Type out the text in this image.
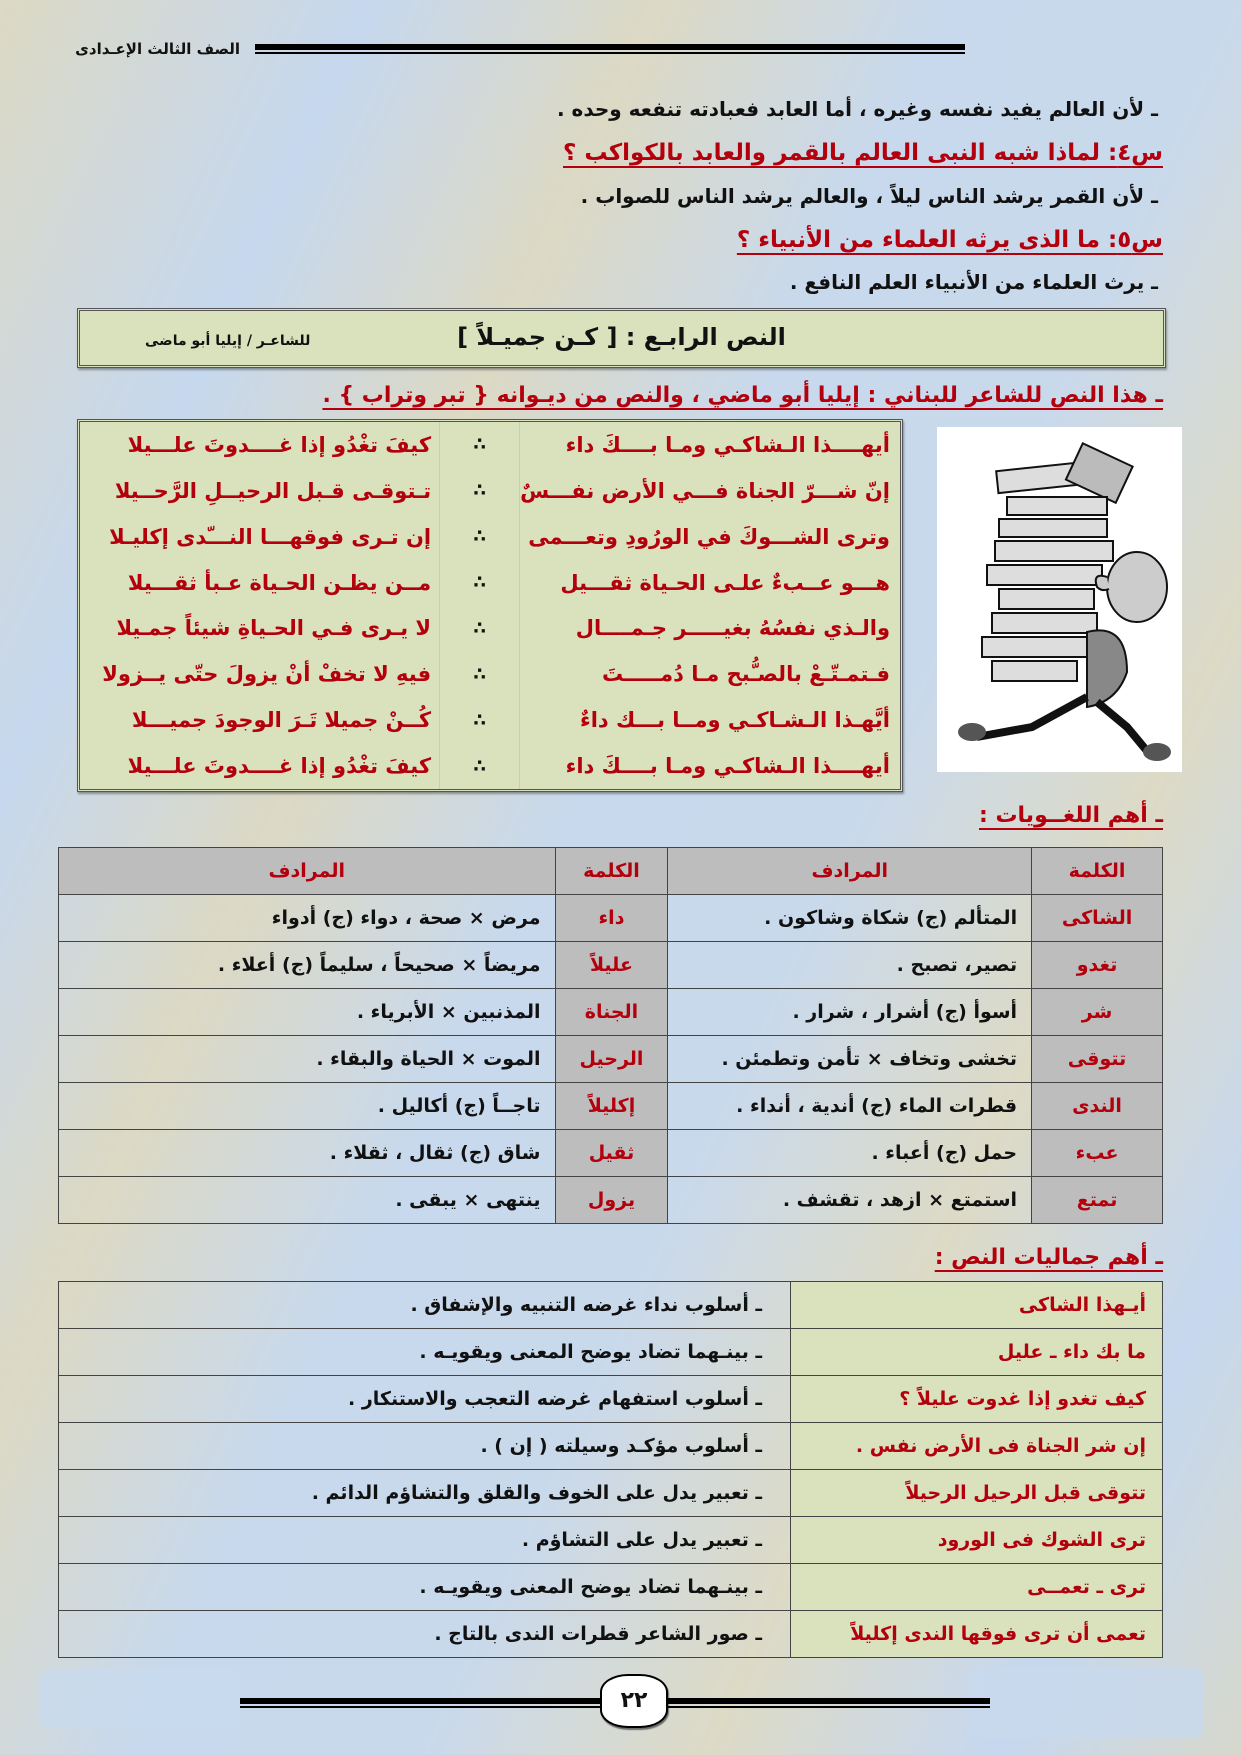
الصف الثالث الإعـدادى
ـ لأن العالم يفيد نفسه وغيره ، أما العابد فعبادته تنفعه وحده .
س٤: لماذا شبه النبى العالم بالقمر والعابد بالكواكب ؟
ـ لأن القمر يرشد الناس ليلاً ، والعالم يرشد الناس للصواب .
س٥: ما الذى يرثه العلماء من الأنبياء ؟
ـ يرث العلماء من الأنبياء العلم النافع .
النص الرابـع : [ كـن جميـلاً ]
للشاعـر / إيليا أبو ماضى
ـ هذا النص للشاعر للبناني : إيليا أبو ماضي ، والنص من ديـوانه { تبر وتراب } .
أيهــــذا الـشاكـي ومـا بــــكَ داء	∴	كيفَ تغْدُو إذا غــــدوتَ علـــيلا
إنّ شـــرّ الجناة فـــي الأرض نفـــسٌ	∴	تـتوقـى قـبل الرحيــلِ الرَّحــيلا
وترى الشـــوكَ في الورُودِ وتعـــمى	∴	إن تـرى فوقهـــا النـــّدى إكليـلا
هـــو عــبءٌ علـى الحـياة ثقـــيل	∴	مــن يظـن الحـياة عـبأ ثقـــيلا
والـذي نفسُهُ بغيـــــر جـمــــال	∴	لا يـرى فـي الحـياةِ شيئاً جمـيلا
فـتمـتّـعْ بالصـُّبح مـا دُمـــــتَ	∴	فيهِ لا تخفْ أنْ يزولَ حتّى يــزولا
أيَّهـذا الـشـاكـي ومــا بـــك داءٌ	∴	كُــنْ جميلا تَـرَ الوجودَ جميـــلا
أيهــــذا الـشاكـي ومـا بــــكَ داء	∴	كيفَ تغْدُو إذا غــــدوتَ علـــيلا
ـ أهم اللغــويات :
الكلمة	المرادف	الكلمة	المرادف
الشاكى	المتألم (ج) شكاة وشاكون .	داء	مرض × صحة ، دواء (ج) أدواء
تغدو	تصير، تصبح .	عليلاً	مريضاً × صحيحاً ، سليماً (ج) أعلاء .
شر	أسوأ (ج) أشرار ، شرار .	الجناة	المذنبين × الأبرياء .
تتوقى	تخشى وتخاف × تأمن وتطمئن .	الرحيل	الموت × الحياة والبقاء .
الندى	قطرات الماء (ج) أندية ، أنداء .	إكليلاً	تاجــاً (ج) أكاليل .
عبء	حمل (ج) أعباء .	ثقيل	شاق (ج) ثقال ، ثقلاء .
تمتع	استمتع × ازهد ، تقشف .	يزول	ينتهى × يبقى .
ـ أهم جماليات النص :
أيـهذا الشاكى	ـ أسلوب نداء غرضه التنبيه والإشفاق .
ما بك داء ـ عليل	ـ بينـهما تضاد يوضح المعنى ويقويـه .
كيف تغدو إذا غدوت عليلاً ؟	ـ أسلوب استفهام غرضه التعجب والاستنكار .
إن شر الجناة فى الأرض نفس .	ـ أسلوب مؤكـد وسيلته ( إن ) .
تتوقى قبل الرحيل الرحيلاً	ـ تعبير يدل على الخوف والقلق والتشاؤم الدائم .
ترى الشوك فى الورود	ـ تعبير يدل على التشاؤم .
ترى ـ تعمــى	ـ بينـهما تضاد يوضح المعنى ويقويـه .
تعمى أن ترى فوقها الندى إكليلاً	ـ صور الشاعر قطرات الندى بالتاج .
٢٢
